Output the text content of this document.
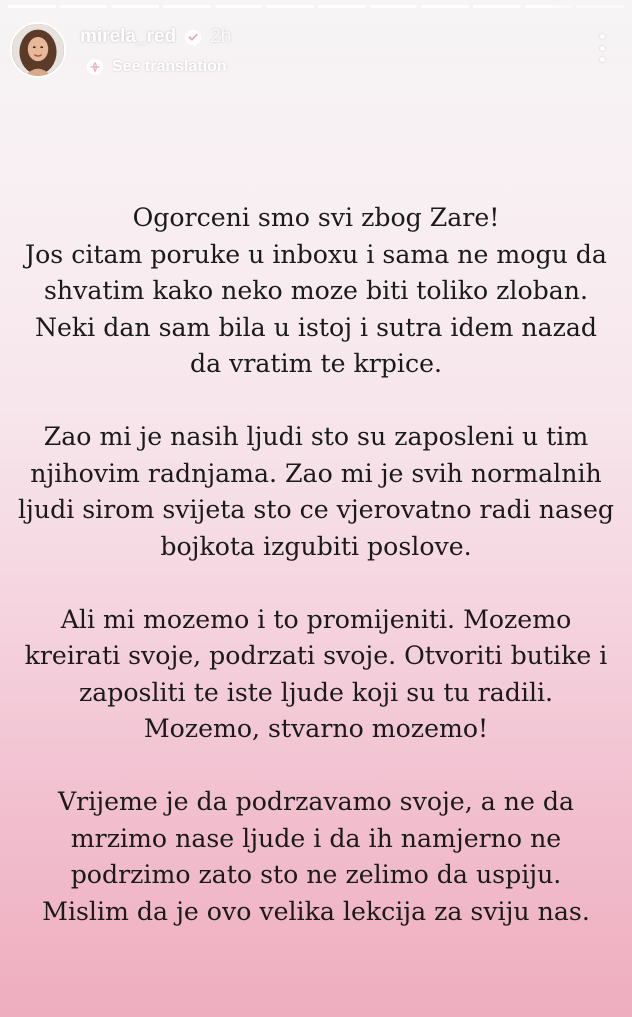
mirela_red 2h
See translation

Ogorceni smo svi zbog Zare!
Jos citam poruke u inboxu i sama ne mogu da
shvatim kako neko moze biti toliko zloban.
Neki dan sam bila u istoj i sutra idem nazad
da vratim te krpice.

Zao mi je nasih ljudi sto su zaposleni u tim
njihovim radnjama. Zao mi je svih normalnih
ljudi sirom svijeta sto ce vjerovatno radi naseg
bojkota izgubiti poslove.

Ali mi mozemo i to promijeniti. Mozemo
kreirati svoje, podrzati svoje. Otvoriti butike i
zaposliti te iste ljude koji su tu radili.
Mozemo, stvarno mozemo!

Vrijeme je da podrzavamo svoje, a ne da
mrzimo nase ljude i da ih namjerno ne
podrzimo zato sto ne zelimo da uspiju.
Mislim da je ovo velika lekcija za sviju nas.
